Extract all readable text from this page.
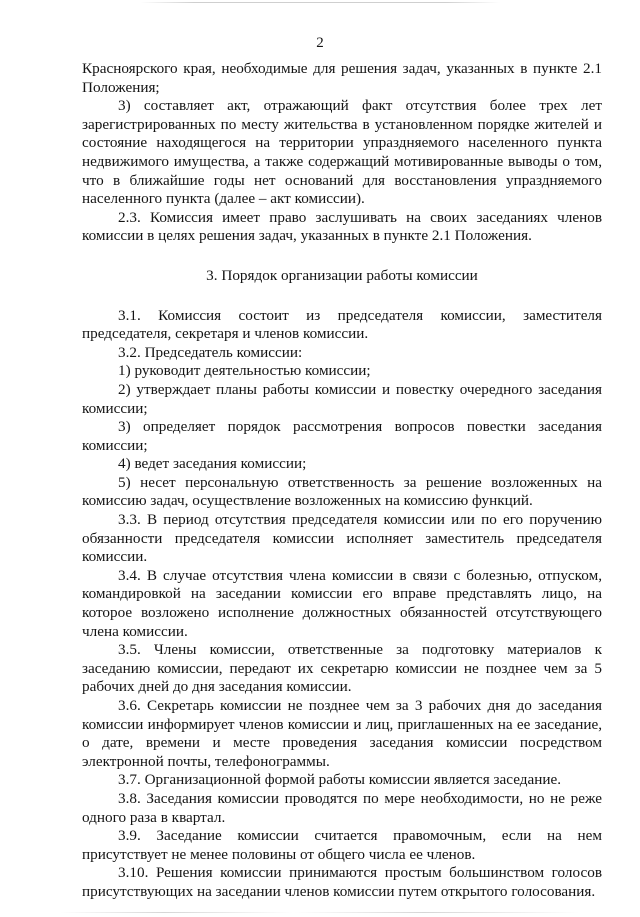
2

Красноярского края, необходимые для решения задач, указанных в пункте 2.1 Положения;

3) составляет акт, отражающий факт отсутствия более трех лет зарегистрированных по месту жительства в установленном порядке жителей и состояние находящегося на территории упраздняемого населенного пункта недвижимого имущества, а также содержащий мотивированные выводы о том, что в ближайшие годы нет оснований для восстановления упраздняемого населенного пункта (далее – акт комиссии).

2.3. Комиссия имеет право заслушивать на своих заседаниях членов комиссии в целях решения задач, указанных в пункте 2.1 Положения.

3. Порядок организации работы комиссии

3.1. Комиссия состоит из председателя комиссии, заместителя председателя, секретаря и членов комиссии.

3.2. Председатель комиссии:

1) руководит деятельностью комиссии;

2) утверждает планы работы комиссии и повестку очередного заседания комиссии;

3) определяет порядок рассмотрения вопросов повестки заседания комиссии;

4) ведет заседания комиссии;

5) несет персональную ответственность за решение возложенных на комиссию задач, осуществление возложенных на комиссию функций.

3.3. В период отсутствия председателя комиссии или по его поручению обязанности председателя комиссии исполняет заместитель председателя комиссии.

3.4. В случае отсутствия члена комиссии в связи с болезнью, отпуском, командировкой на заседании комиссии его вправе представлять лицо, на которое возложено исполнение должностных обязанностей отсутствующего члена комиссии.

3.5. Члены комиссии, ответственные за подготовку материалов к заседанию комиссии, передают их секретарю комиссии не позднее чем за 5 рабочих дней до дня заседания комиссии.

3.6. Секретарь комиссии не позднее чем за 3 рабочих дня до заседания комиссии информирует членов комиссии и лиц, приглашенных на ее заседание, о дате, времени и месте проведения заседания комиссии посредством электронной почты, телефонограммы.

3.7. Организационной формой работы комиссии является заседание.

3.8. Заседания комиссии проводятся по мере необходимости, но не реже одного раза в квартал.

3.9. Заседание комиссии считается правомочным, если на нем присутствует не менее половины от общего числа ее членов.

3.10. Решения комиссии принимаются простым большинством голосов присутствующих на заседании членов комиссии путем открытого голосования.
